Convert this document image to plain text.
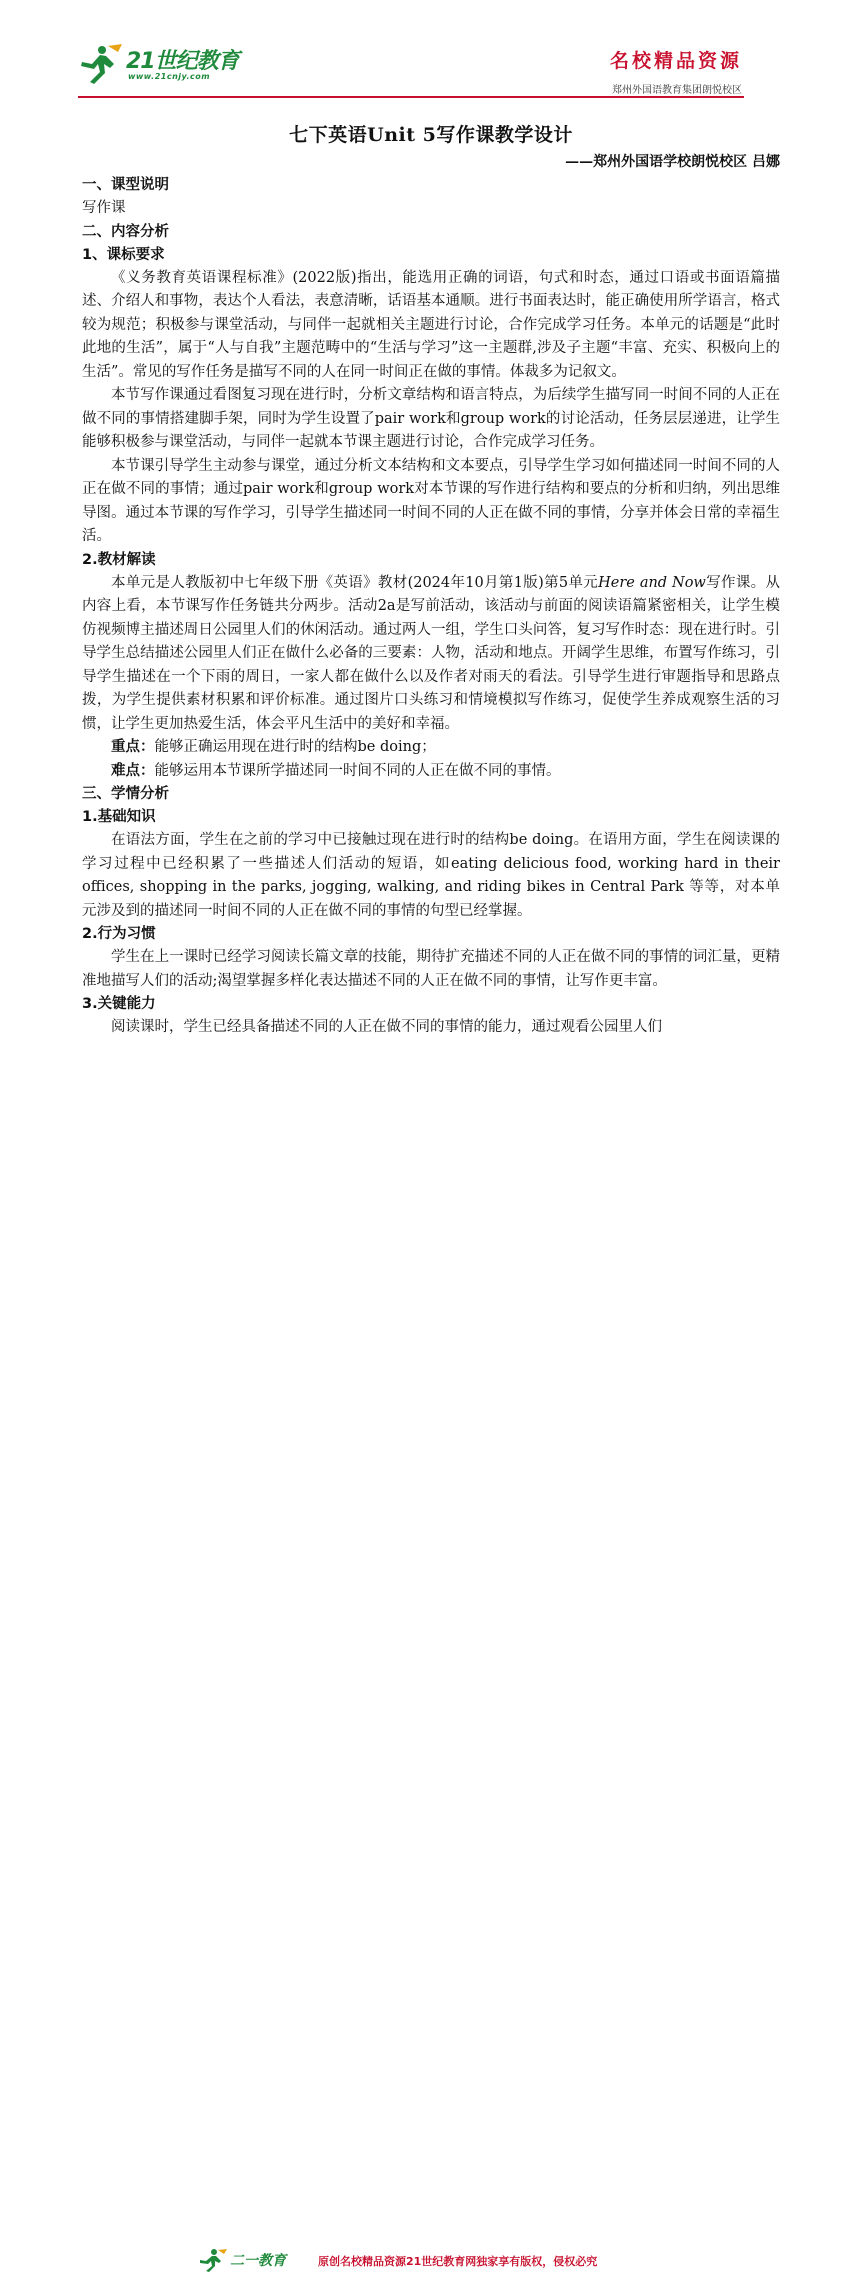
21世纪教育
www.21cnjy.com
名校精品资源
郑州外国语教育集团朗悦校区

七下英语Unit 5写作课教学设计

——郑州外国语学校朗悦校区 吕娜

一、课型说明

写作课

二、内容分析

1、课标要求

《义务教育英语课程标准》(2022版)指出，能选用正确的词语，句式和时态，通过口语或书面语篇描述、介绍人和事物，表达个人看法，表意清晰，话语基本通顺。进行书面表达时，能正确使用所学语言，格式较为规范；积极参与课堂活动，与同伴一起就相关主题进行讨论，合作完成学习任务。本单元的话题是“此时此地的生活”，属于“人与自我”主题范畴中的“生活与学习”这一主题群,涉及子主题“丰富、充实、积极向上的生活”。常见的写作任务是描写不同的人在同一时间正在做的事情。体裁多为记叙文。

本节写作课通过看图复习现在进行时，分析文章结构和语言特点，为后续学生描写同一时间不同的人正在做不同的事情搭建脚手架，同时为学生设置了pair work和group work的讨论活动，任务层层递进，让学生能够积极参与课堂活动，与同伴一起就本节课主题进行讨论，合作完成学习任务。

本节课引导学生主动参与课堂，通过分析文本结构和文本要点，引导学生学习如何描述同一时间不同的人正在做不同的事情；通过pair work和group work对本节课的写作进行结构和要点的分析和归纳，列出思维导图。通过本节课的写作学习，引导学生描述同一时间不同的人正在做不同的事情，分享并体会日常的幸福生活。

2.教材解读

本单元是人教版初中七年级下册《英语》教材(2024年10月第1版)第5单元Here and Now写作课。从内容上看，本节课写作任务链共分两步。活动2a是写前活动，该活动与前面的阅读语篇紧密相关，让学生模仿视频博主描述周日公园里人们的休闲活动。通过两人一组，学生口头问答，复习写作时态：现在进行时。引导学生总结描述公园里人们正在做什么必备的三要素：人物，活动和地点。开阔学生思维，布置写作练习，引导学生描述在一个下雨的周日，一家人都在做什么以及作者对雨天的看法。引导学生进行审题指导和思路点拨，为学生提供素材积累和评价标准。通过图片口头练习和情境模拟写作练习，促使学生养成观察生活的习惯，让学生更加热爱生活，体会平凡生活中的美好和幸福。

重点：能够正确运用现在进行时的结构be doing；

难点：能够运用本节课所学描述同一时间不同的人正在做不同的事情。

三、学情分析

1.基础知识

在语法方面，学生在之前的学习中已接触过现在进行时的结构be doing。在语用方面，学生在阅读课的学习过程中已经积累了一些描述人们活动的短语，如eating delicious food, working hard in their offices, shopping in the parks, jogging, walking, and riding bikes in Central Park 等等，对本单元涉及到的描述同一时间不同的人正在做不同的事情的句型已经掌握。

2.行为习惯

学生在上一课时已经学习阅读长篇文章的技能，期待扩充描述不同的人正在做不同的事情的词汇量，更精准地描写人们的活动;渴望掌握多样化表达描述不同的人正在做不同的事情，让写作更丰富。

3.关键能力

阅读课时，学生已经具备描述不同的人正在做不同的事情的能力，通过观看公园里人们

二一教育	原创名校精品资源21世纪教育网独家享有版权，侵权必究
